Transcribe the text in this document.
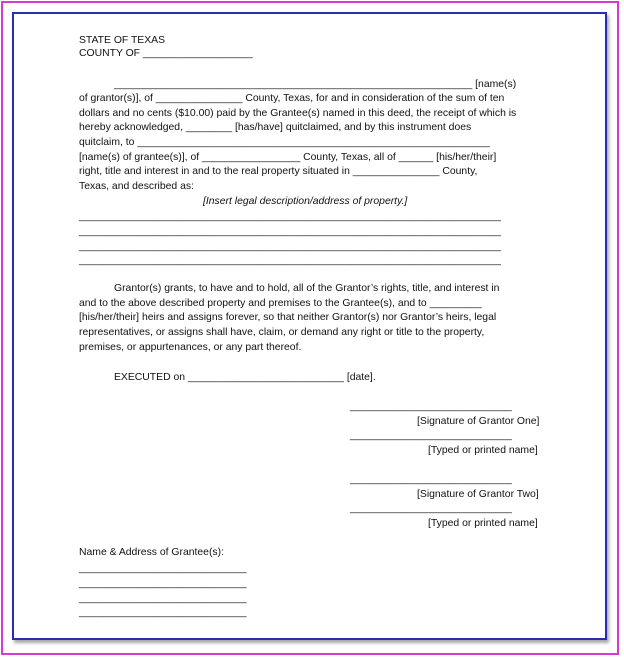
STATE OF TEXAS
COUNTY OF ___________________
______________________________________________________________ [name(s)
of grantor(s)], of _______________ County, Texas, for and in consideration of the sum of ten
dollars and no cents ($10.00) paid by the Grantee(s) named in this deed, the receipt of which is
hereby acknowledged, ________ [has/have] quitclaimed, and by this instrument does
quitclaim, to _____________________________________________________________
[name(s) of grantee(s)], of _________________ County, Texas, all of ______ [his/her/their]
right, title and interest in and to the real property situated in _______________ County,
Texas, and described as:
[Insert legal description/address of property.]
_________________________________________________________________________
_________________________________________________________________________
_________________________________________________________________________
_________________________________________________________________________
Grantor(s) grants, to have and to hold, all of the Grantor’s rights, title, and interest in
and to the above described property and premises to the Grantee(s), and to _________
[his/her/their] heirs and assigns forever, so that neither Grantor(s) nor Grantor’s heirs, legal
representatives, or assigns shall have, claim, or demand any right or title to the property,
premises, or appurtenances, or any part thereof.
EXECUTED on ___________________________ [date].
____________________________
[Signature of Grantor One]
____________________________
[Typed or printed name]
____________________________
[Signature of Grantor Two]
____________________________
[Typed or printed name]
Name & Address of Grantee(s):
_____________________________
_____________________________
_____________________________
_____________________________
